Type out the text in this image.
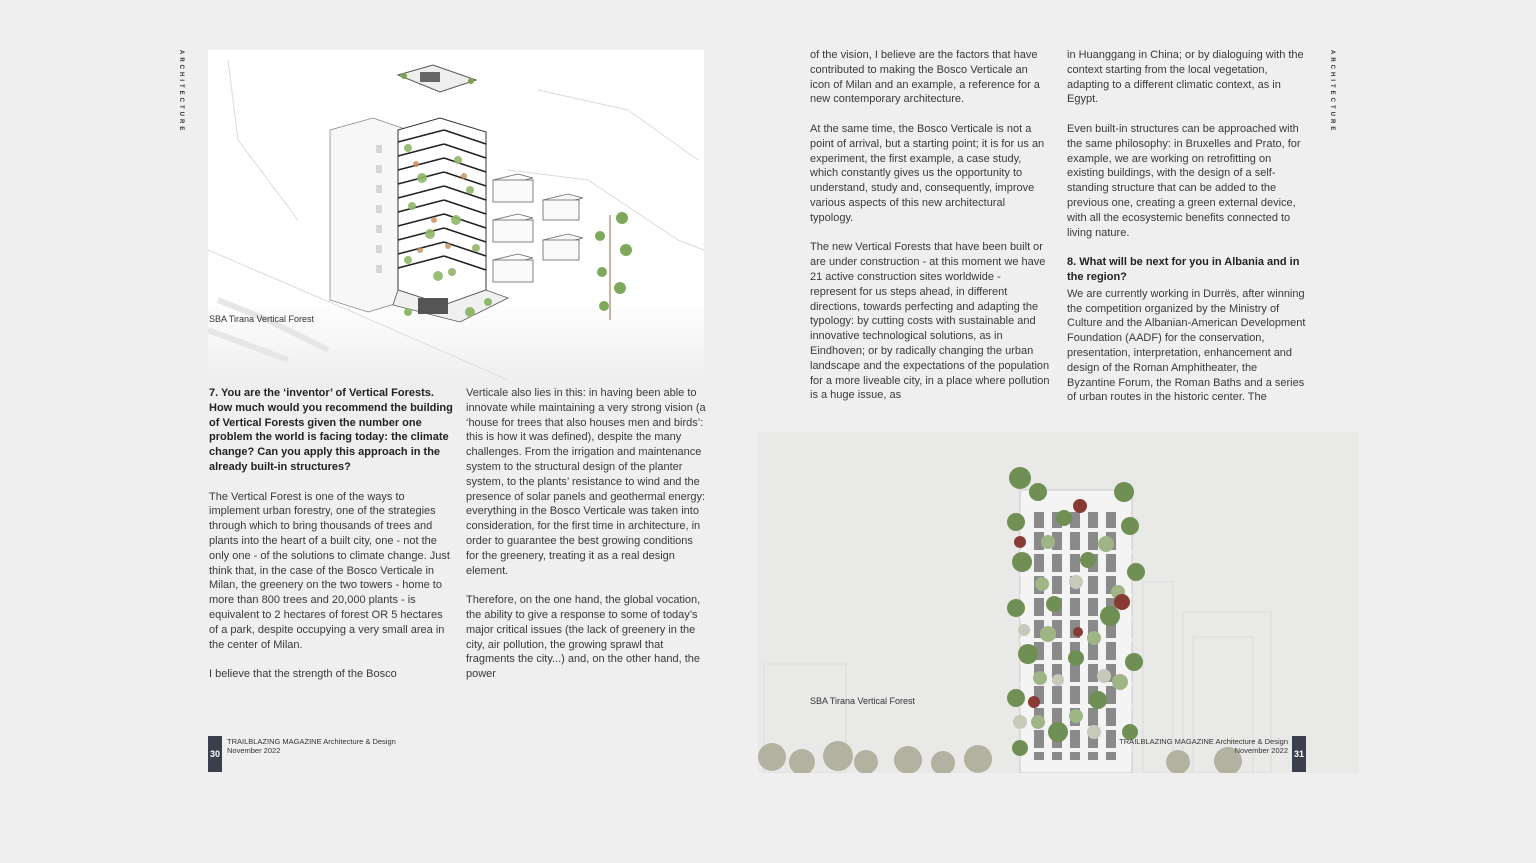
ARCHITECTURE
SBA Tirana Vertical Forest

7. You are the ‘inventor’ of Vertical Forests. How much would you recommend the building of Vertical Forests given the number one problem the world is facing today: the climate change? Can you apply this approach in the already built-in structures?

The Vertical Forest is one of the ways to implement urban forestry, one of the strategies through which to bring thousands of trees and plants into the heart of a built city, one - not the only one - of the solutions to climate change. Just think that, in the case of the Bosco Verticale in Milan, the greenery on the two towers - home to more than 800 trees and 20,000 plants - is equivalent to 2 hectares of forest OR 5 hectares of a park, despite occupying a very small area in the center of Milan.

I believe that the strength of the Bosco

Verticale also lies in this: in having been able to innovate while maintaining a very strong vision (a ‘house for trees that also houses men and birds’: this is how it was defined), despite the many challenges. From the irrigation and maintenance system to the structural design of the planter system, to the plants’ resistance to wind and the presence of solar panels and geothermal energy: everything in the Bosco Verticale was taken into consideration, for the first time in architecture, in order to guarantee the best growing conditions for the greenery, treating it as a real design element.

Therefore, on the one hand, the global vocation, the ability to give a response to some of today’s major critical issues (the lack of greenery in the city, air pollution, the growing sprawl that fragments the city...) and, on the other hand, the power

30
TRAILBLAZING MAGAZINE Architecture & Design
November 2022
ARCHITECTURE

of the vision, I believe are the factors that have contributed to making the Bosco Verticale an icon of Milan and an example, a reference for a new contemporary architecture.

At the same time, the Bosco Verticale is not a point of arrival, but a starting point; it is for us an experiment, the first example, a case study, which constantly gives us the opportunity to understand, study and, consequently, improve various aspects of this new architectural typology.

The new Vertical Forests that have been built or are under construction - at this moment we have 21 active construction sites worldwide - represent for us steps ahead, in different directions, towards perfecting and adapting the typology: by cutting costs with sustainable and innovative technological solutions, as in Eindhoven; or by radically changing the urban landscape and the expectations of the population for a more liveable city, in a place where pollution is a huge issue, as

in Huanggang in China; or by dialoguing with the context starting from the local vegetation, adapting to a different climatic context, as in Egypt.

Even built-in structures can be approached with the same philosophy: in Bruxelles and Prato, for example, we are working on retrofitting on existing buildings, with the design of a self-standing structure that can be added to the previous one, creating a green external device, with all the ecosystemic benefits connected to living nature.

8. What will be next for you in Albania and in the region?

We are currently working in Durrës, after winning the competition organized by the Ministry of Culture and the Albanian-American Development Foundation (AADF) for the conservation, presentation, interpretation, enhancement and design of the Roman Amphitheater, the Byzantine Forum, the Roman Baths and a series of urban routes in the historic center. The

SBA Tirana Vertical Forest
TRAILBLAZING MAGAZINE Architecture & Design
November 2022 31
